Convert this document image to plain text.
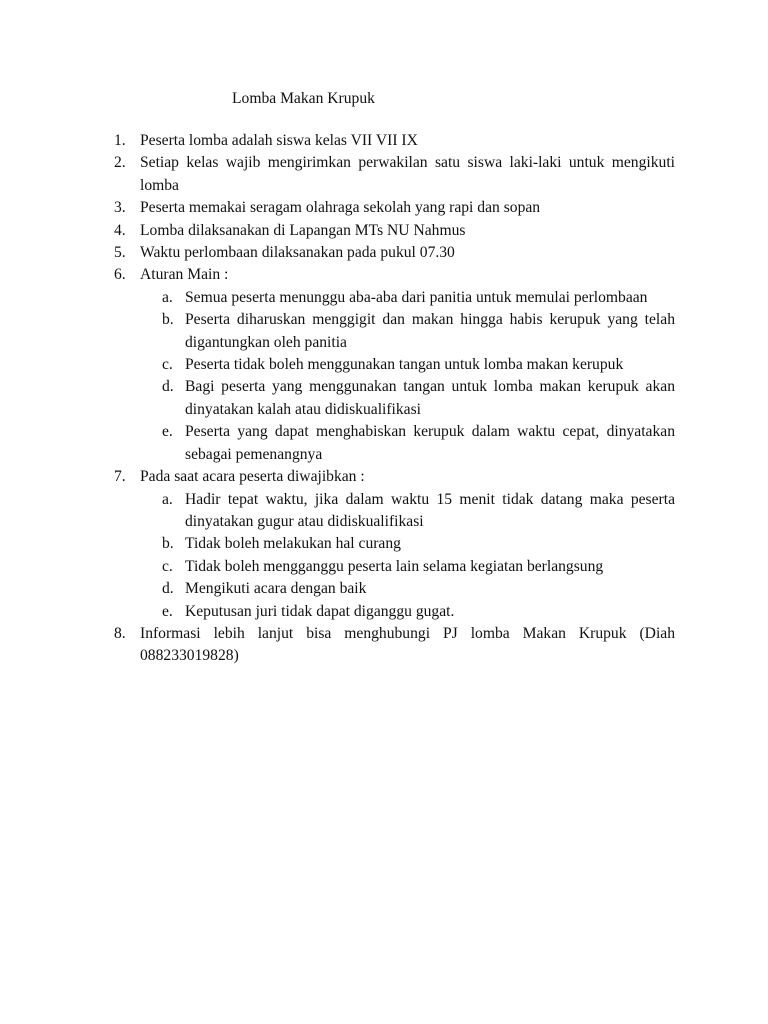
Lomba Makan Krupuk
1. Peserta lomba adalah siswa kelas VII VII IX
2. Setiap kelas wajib mengirimkan perwakilan satu siswa laki-laki untuk mengikuti lomba
3. Peserta memakai seragam olahraga sekolah yang rapi dan sopan
4. Lomba dilaksanakan di Lapangan MTs NU Nahmus
5. Waktu perlombaan dilaksanakan pada pukul 07.30
6. Aturan Main :
a. Semua peserta menunggu aba-aba dari panitia untuk memulai perlombaan
b. Peserta diharuskan menggigit dan makan hingga habis kerupuk yang telah digantungkan oleh panitia
c. Peserta tidak boleh menggunakan tangan untuk lomba makan kerupuk
d. Bagi peserta yang menggunakan tangan untuk lomba makan kerupuk akan dinyatakan kalah atau didiskualifikasi
e. Peserta yang dapat menghabiskan kerupuk dalam waktu cepat, dinyatakan sebagai pemenangnya
7. Pada saat acara peserta diwajibkan :
a. Hadir tepat waktu, jika dalam waktu 15 menit tidak datang maka peserta dinyatakan gugur atau didiskualifikasi
b. Tidak boleh melakukan hal curang
c. Tidak boleh mengganggu peserta lain selama kegiatan berlangsung
d. Mengikuti acara dengan baik
e. Keputusan juri tidak dapat diganggu gugat.
8. Informasi lebih lanjut bisa menghubungi PJ lomba Makan Krupuk (Diah 088233019828)
